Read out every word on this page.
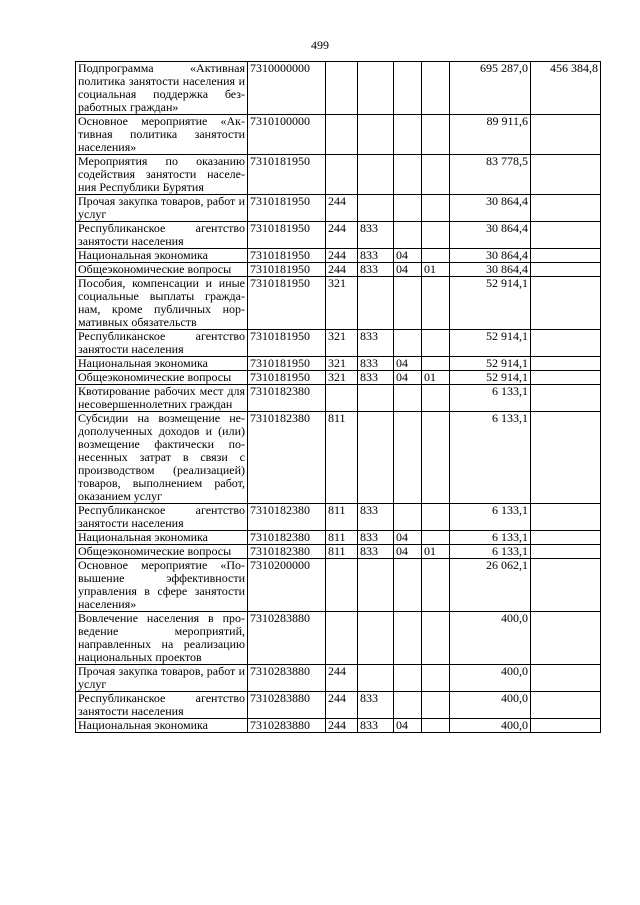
499
Подпрограмма «Активная политика занятости населения и социальная поддержка без-работных граждан»	7310000000					695 287,0	456 384,8
Основное мероприятие «Ак-тивная политика занятости населения»	7310100000					89 911,6	
Мероприятия по оказанию содействия занятости населе-ния Республики Бурятия	7310181950					83 778,5	
Прочая закупка товаров, работ и услуг	7310181950	244				30 864,4	
Республиканское агентство занятости населения	7310181950	244	833			30 864,4	
Национальная экономика	7310181950	244	833	04		30 864,4	
Общеэкономические вопросы	7310181950	244	833	04	01	30 864,4	
Пособия, компенсации и иные социальные выплаты гражда-нам, кроме публичных нор-мативных обязательств	7310181950	321				52 914,1	
Республиканское агентство занятости населения	7310181950	321	833			52 914,1	
Национальная экономика	7310181950	321	833	04		52 914,1	
Общеэкономические вопросы	7310181950	321	833	04	01	52 914,1	
Квотирование рабочих мест для несовершеннолетних граждан	7310182380					6 133,1	
Субсидии на возмещение не-дополученных доходов и (или) возмещение фактически по-несенных затрат в связи с производством (реализацией) товаров, выполнением работ, оказанием услуг	7310182380	811				6 133,1	
Республиканское агентство занятости населения	7310182380	811	833			6 133,1	
Национальная экономика	7310182380	811	833	04		6 133,1	
Общеэкономические вопросы	7310182380	811	833	04	01	6 133,1	
Основное мероприятие «По-вышение эффективности управления в сфере занятости населения»	7310200000					26 062,1	
Вовлечение населения в про-ведение мероприятий, направленных на реализацию национальных проектов	7310283880					400,0	
Прочая закупка товаров, работ и услуг	7310283880	244				400,0	
Республиканское агентство занятости населения	7310283880	244	833			400,0	
Национальная экономика	7310283880	244	833	04		400,0	
